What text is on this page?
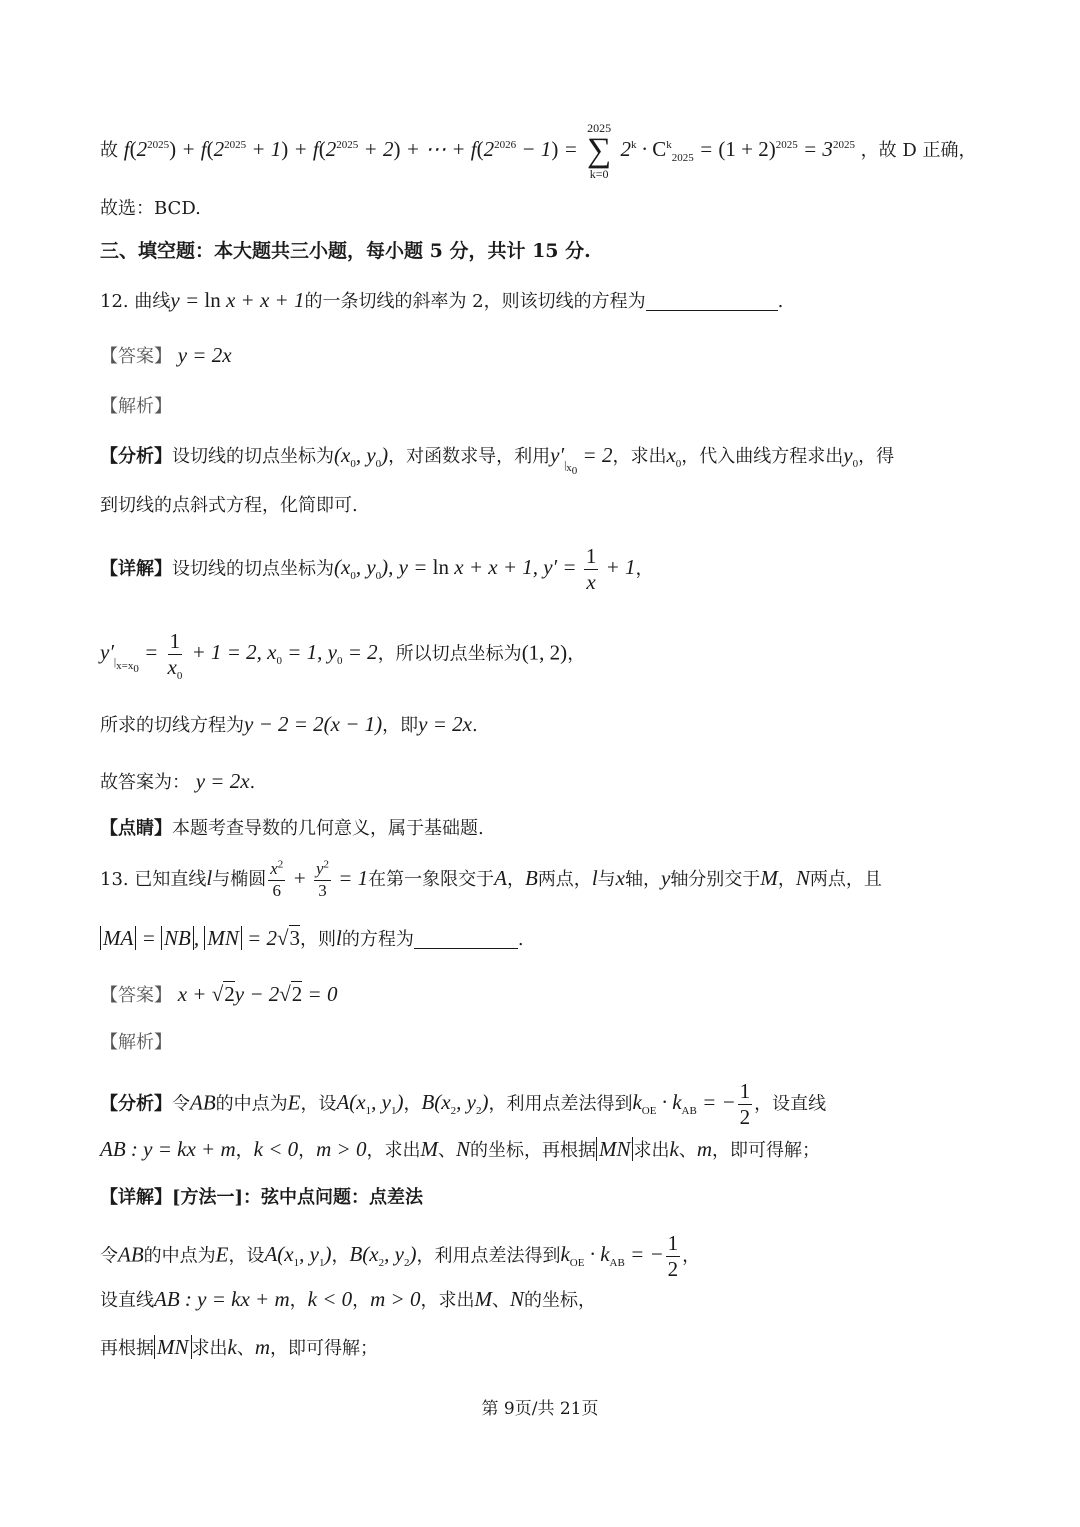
故 $f(2^{2025}) + f(2^{2025} + 1) + f(2^{2025} + 2)$ + ⋯ + $f(2^{2026} - 1)$ =
2025
∑
k=0
$2^k \cdot C^k_{2025} = (1 + 2)^{2025} = 3^{2025}$ ，故 D 正确，
故选：BCD.
三、填空题：本大题共三小题，每小题 5 分，共计 15 分.
12. 曲线y = ln x + x + 1的一条切线的斜率为 2，则该切线的方程为	.
【答案】 y = 2x
【解析】
【分析】设切线的切点坐标为($x_0$, $y_0$)，对函数求导，利用$y'_{|_{x_0}} = 2$，求出$x_0$，代入曲线方程求出$y_0$，得
到切线的点斜式方程，化简即可.
【详解】设切线的切点坐标为($x_0$, $y_0$), y = ln x + x + 1, $y' = \frac{1}{x} + 1$，
$y'_{|_{x=x_0}} = \frac{1}{x_0} + 1 = 2$, $x_0 = 1$, $y_0 = 2$，所以切点坐标为(1, 2)，
所求的切线方程为y − 2 = 2(x − 1)，即y = 2x.
故答案为： y = 2x.
【点睛】本题考查导数的几何意义，属于基础题.
13. 已知直线l与椭圆 $\frac{x^2}{6} + \frac{y^2}{3} = 1$在第一象限交于A，B两点，l与x轴，y轴分别交于M，N两点，且
MA = NB , MN = 2√3，则l的方程为	.
【答案】 x + √2y − 2√2 = 0
【解析】
【分析】令AB的中点为E，设$A(x_1$, $y_1$)，$B(x_2$, $y_2$)，利用点差法得到$k_{OE} \cdot k_{AB}$ = − $\frac{1}{2}$ ，设直线
AB : y = kx + m，k < 0，m > 0，求出M、N的坐标，再根据 MN 求出k、m，即可得解；
【详解】[方法一]：弦中点问题：点差法
令AB的中点为E，设$A(x_1$, $y_1$)，$B(x_2$, $y_2$)，利用点差法得到$k_{OE} \cdot k_{AB}$ = − $\frac{1}{2}$ ，
设直线AB : y = kx + m，k < 0，m > 0，求出M、N的坐标，
再根据 MN 求出k、m，即可得解；
第 9页/共 21页
